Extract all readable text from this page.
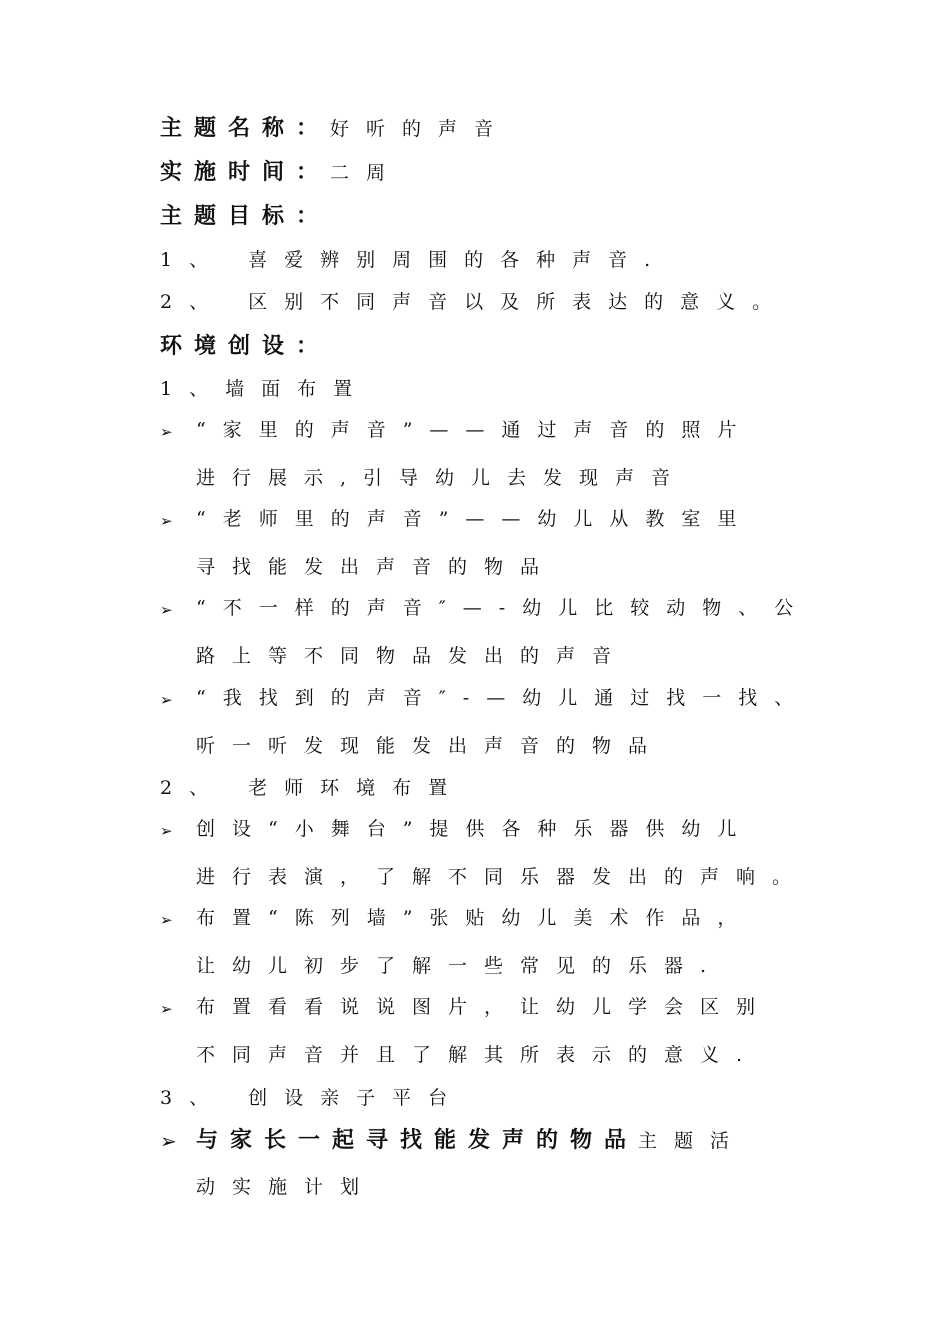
主题名称：好听的声音
实施时间：二周
主题目标：
1、 喜爱辨别周围的各种声音.
2、 区别不同声音以及所表达的意义。
环境创设：
1、墙面布置
➢ “家里的声音”——通过声音的照片
进行展示,引导幼儿去发现声音
➢ “老师里的声音”——幼儿从教室里
寻找能发出声音的物品
➢ “不一样的声音″—-幼儿比较动物、公
路上等不同物品发出的声音
➢ “我找到的声音″-—幼儿通过找一找、
听一听发现能发出声音的物品
2、 老师环境布置
➢ 创设“小舞台”提供各种乐器供幼儿
进行表演，了解不同乐器发出的声响。
➢ 布置“陈列墙”张贴幼儿美术作品，
让幼儿初步了解一些常见的乐器.
➢ 布置看看说说图片，让幼儿学会区别
不同声音并且了解其所表示的意义.
3、 创设亲子平台
➢ 与家长一起寻找能发声的物品主题活
动实施计划
